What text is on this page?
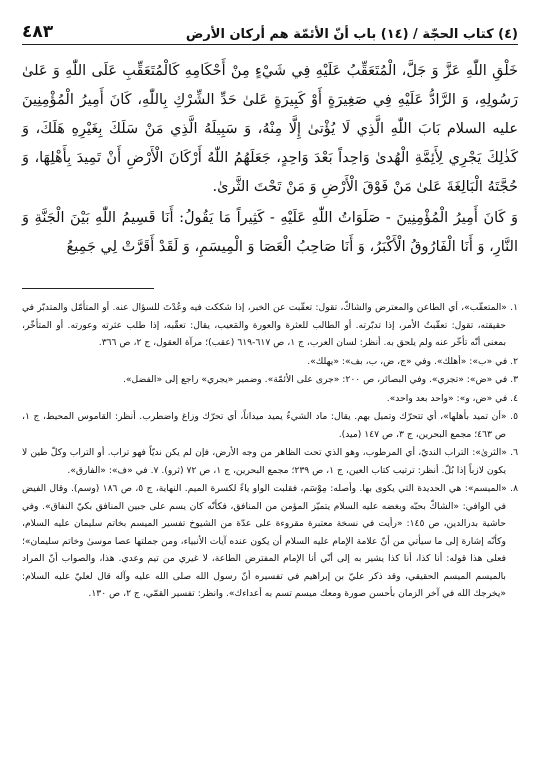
(٤) كتاب الحجّة / (١٤) باب أنّ الأئمّة هم أركان الأرض
٤٨٣

خَلْقِ اللّٰهِ عَزَّ وَ جَلَّ، الْمُتَعَقِّبُ عَلَيْهِ فِي شَيْءٍ مِنْ أَحْكَامِهِ كَالْمُتَعَقِّبِ عَلَى اللّٰهِ وَ عَلىٰ رَسُولِهِ، وَ الرَّادُّ عَلَيْهِ فِي صَغِيرَةٍ أَوْ كَبِيرَةٍ عَلىٰ حَدِّ الشِّرْكِ بِاللّٰهِ، كَانَ أَمِيرُ الْمُؤْمِنِينَ عليه السلام بَابَ اللّٰهِ الَّذِي لَا يُؤْتىٰ إِلَّا مِنْهُ، وَ سَبِيلَهُ الَّذِي مَنْ سَلَكَ بِغَيْرِهِ هَلَكَ، وَ كَذٰلِكَ يَجْرِي لِأَئِمَّةِ الْهُدىٰ وَاحِداً بَعْدَ وَاحِدٍ، جَعَلَهُمُ اللّٰهُ أَرْكَانَ الْأَرْضِ أَنْ تَمِيدَ بِأَهْلِهَا، وَ حُجَّتَهُ الْبَالِغَةَ عَلىٰ مَنْ فَوْقَ الْأَرْضِ وَ مَنْ تَحْتَ الثَّرىٰ.

وَ كَانَ أَمِيرُ الْمُؤْمِنِينَ - صَلَوَاتُ اللّٰهِ عَلَيْهِ - كَثِيراً مَا يَقُولُ: أَنَا قَسِيمُ اللّٰهِ بَيْنَ الْجَنَّةِ وَ النَّارِ، وَ أَنَا الْفَارُوقُ الْأَكْبَرُ، وَ أَنَا صَاحِبُ الْعَصَا وَ الْمِيسَمِ، وَ لَقَدْ أَقَرَّتْ لِي جَمِيعُ

١. «المتعقّب»، أي الطاعن والمعترض والشاكّ، تقول: تعقّبت عن الخبر، إذا شككت فيه وعُدْتَ للسؤال عنه. أو المتأمّل والمتدبّر في حقيقته، تقول: تعقّبتُ الأمر، إذا تدبّرته. أو الطالب للعثرة والعورة والمَعيب، يقال: تعقّبه، إذا طلب عثرته وعورته. أو المتأخّر، بمعنى أنّه تأخّر عنه ولم يلحق به. أنظر: لسان العرب، ج ١، ص ٦١٧-٦١٩ (عقب)؛ مرآة العقول، ج ٢، ص ٣٦٦.

٢. في «ب»: «أهلك». وفي «ج، ض، ب، بف»: «يهلك».

٣. في «ض»: «تجري». وفي البصائر، ص ٢٠٠: «جرى على الأئمّة». وضمير «يجري» راجع إلى «الفضل».

٤. في «ض، و»: «واحد بعد واحد».

٥. «أن تميد بأهلها»، أي تتحرّك وتميل بهم. يقال: ماد الشيءُ يميد ميداناً، أي تحرّك وزاغ واضطرب. أنظر: القاموس المحيط، ج ١، ص ٤٦٣؛ مجمع البحرين، ج ٣، ص ١٤٧ (ميد).

٦. «الثرىٰ»: التراب النديّ، أي المرطوب، وهو الذي تحت الظاهر من وجه الأرض، فإن لم يكن نديّاً فهو تراب. أو التراب وكلّ طين لا يكون لازباً إذا بُلّ. أنظر: ترتيب كتاب العين، ج ١، ص ٢٣٩؛ مجمع البحرين، ج ١، ص ٧٢ (ثرو). ٧. في «ف»: «الفارق».

٨. «الميسم»: هي الحديدة التي يكوى بها. وأصله: مِوْسَم، فقلبت الواو ياءً لكسرة الميم. النهاية، ج ٥، ص ١٨٦ (وسم). وقال الفيض في الوافي: «الشاكّ بحبّه وبغضه عليه السلام يتميّز المؤمن من المنافق، فكأنّه كان يسم على جبين المنافق بكيّ النفاق». وفي حاشية بدرالدين، ص ١٤٥: «رأيت في نسخة معتبرة مقروءة على عدّة من الشيوخ تفسير الميسم بخاتم سليمان عليه السلام، وكأنّه إشارة إلى ما سيأتي من أنّ علامة الإمام عليه السلام أن يكون عنده آيات الأنبياء، ومن جملتها عصا موسىٰ وخاتم سليمان»؛ فعلى هذا قوله: أنا كذا، أنا كذا يشير به إلى أنّي أنا الإمام المفترض الطاعة، لا غيري من تيم وعدي. هذا، والصواب أنّ المراد بالميسم الميسم الحقيقي، وقد ذكر عليّ بن إبراهيم في تفسيره أنّ رسول الله صلى الله عليه وآله قال لعليّ عليه السلام: «يخرجك الله في آخر الزمان بأحسن صورة ومعك ميسم تسم به أعداءك». وانظر: تفسير القمّي، ج ٢، ص ١٣٠.
